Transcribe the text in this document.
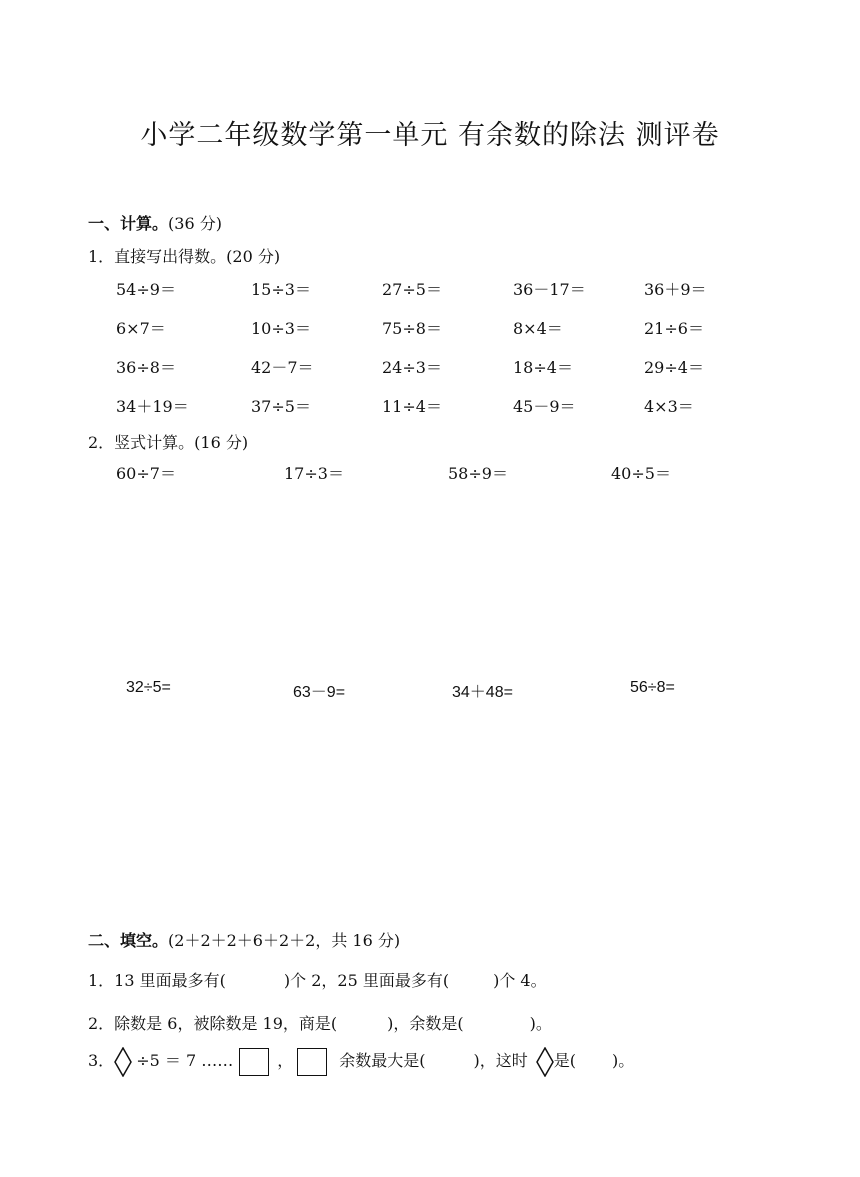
小学二年级数学第一单元 有余数的除法 测评卷
一、计算。(36 分)
1．直接写出得数。(20 分)
54÷9＝	15÷3＝	27÷5＝	36－17＝	36＋9＝
6×7＝	10÷3＝	75÷8＝	8×4＝	21÷6＝
36÷8＝	42－7＝	24÷3＝	18÷4＝	29÷4＝
34＋19＝	37÷5＝	11÷4＝	45－9＝	4×3＝
2．竖式计算。(16 分)
60÷7＝	17÷3＝	58÷9＝	40÷5＝
32÷5=	63－9=	34＋48=	56÷8=
二、填空。(2＋2＋2＋6＋2＋2，共 16 分)
1．13 里面最多有(	)个 2，25 里面最多有(	)个 4。
2．除数是 6，被除数是 19，商是(	)，余数是(	)。
3． ÷5 ＝ 7 ……	，	余数最大是(	)，这时 是( )。
